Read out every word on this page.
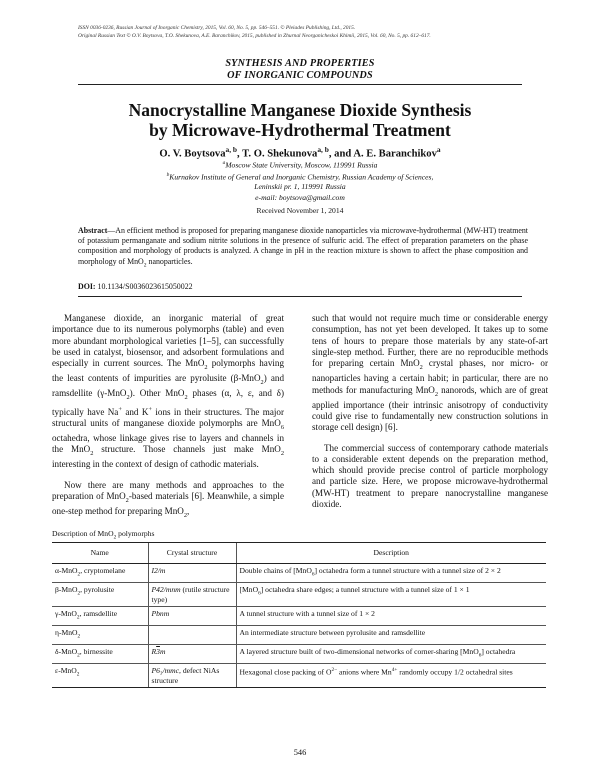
ISSN 0036-0236, Russian Journal of Inorganic Chemistry, 2015, Vol. 60, No. 5, pp. 546–551. © Pleiades Publishing, Ltd., 2015.
Original Russian Text © O.V. Boytsova, T.O. Shekunova, A.E. Baranchikov, 2015, published in Zhurnal Neorganicheskoi Khimii, 2015, Vol. 60, No. 5, pp. 612–617.
SYNTHESIS AND PROPERTIES
OF INORGANIC COMPOUNDS
Nanocrystalline Manganese Dioxide Synthesis
by Microwave-Hydrothermal Treatment
O. V. Boytsova$^{a, b}$, T. O. Shekunova$^{a, b}$, and A. E. Baranchikov$^a$
$^a$Moscow State University, Moscow, 119991 Russia
$^b$Kurnakov Institute of General and Inorganic Chemistry, Russian Academy of Sciences,
Leninskii pr. 1, 119991 Russia
e-mail: boytsova@gmail.com
Received November 1, 2014
Abstract—An efficient method is proposed for preparing manganese dioxide nanoparticles via microwave-hydrothermal (MW-HT) treatment of potassium permanganate and sodium nitrite solutions in the presence of sulfuric acid. The effect of preparation parameters on the phase composition and morphology of products is analyzed. A change in pH in the reaction mixture is shown to affect the phase composition and morphology of MnO$_2$ nanoparticles.
DOI: 10.1134/S0036023615050022

Manganese dioxide, an inorganic material of great importance due to its numerous polymorphs (table) and even more abundant morphological varieties [1–5], can successfully be used in catalyst, biosensor, and adsorbent formulations and especially in current sources. The MnO$_2$ polymorphs having the least contents of impurities are pyrolusite (β-MnO$_2$) and ramsdellite (γ-MnO$_2$). Other MnO$_2$ phases (α, λ, ε, and δ) typically have Na+ and K+ ions in their structures. The major structural units of manganese dioxide polymorphs are MnO$_6$ octahedra, whose linkage gives rise to layers and channels in the MnO$_2$ structure. Those channels just make MnO$_2$ interesting in the context of design of cathodic materials.

Now there are many methods and approaches to the preparation of MnO$_2$-based materials [6]. Meanwhile, a simple one-step method for preparing MnO$_2$,

such that would not require much time or considerable energy consumption, has not yet been developed. It takes up to some tens of hours to prepare those materials by any state-of-art single-step method. Further, there are no reproducible methods for preparing certain MnO$_2$ crystal phases, nor micro- or nanoparticles having a certain habit; in particular, there are no methods for manufacturing MnO$_2$ nanorods, which are of great applied importance (their intrinsic anisotropy of conductivity could give rise to fundamentally new construction solutions in storage cell design) [6].

The commercial success of contemporary cathode materials to a considerable extent depends on the preparation method, which should provide precise control of particle morphology and particle size. Here, we propose microwave-hydrothermal (MW-HT) treatment to prepare nanocrystalline manganese dioxide.

Description of MnO$_2$ polymorphs
Name	Crystal structure	Description
α-MnO$_2$, cryptomelane	I2/m	Double chains of [MnO$_6$] octahedra form a tunnel structure with a tunnel size of 2 × 2
β-MnO$_2$, pyrolusite	P42/mnm (rutile structure type)	[MnO$_6$] octahedra share edges; a tunnel structure with a tunnel size of 1 × 1
γ-MnO$_2$, ramsdellite	Pbnm	A tunnel structure with a tunnel size of 1 × 2
η-MnO$_2$		An intermediate structure between pyrolusite and ramsdellite
δ-MnO$_2$, birnessite	R3m	A layered structure built of two-dimensional networks of corner-sharing [MnO$_6$] octahedra
ε-MnO$_2$	P6₃/mmc, defect NiAs structure	Hexagonal close packing of $O^{2-}$ anions where $Mn^{4+}$ randomly occupy 1/2 octahedral sites
546
